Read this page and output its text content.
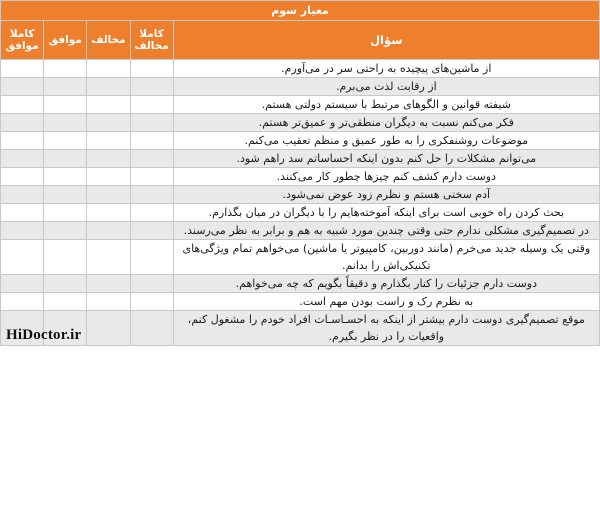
معیار سوم				
سؤال	کاملا مخالف	مخالف	موافق	کاملا موافق
از ماشین‌های پیچیده به راحتی سر در می‌آورم.				
از رقابت لذت می‌برم.				
شیفته قوانین و الگوهای مرتبط با سیستم دولتی هستم.				
فکر می‌کنم نسبت به دیگران منطقی‌تر و عمیق‌تر هستم.				
موضوعات روشنفکری را به طور عمیق و منظم تعقیب می‌کنم.				
می‌توانم مشکلات را حل کنم بدون اینکه احساساتم سد راهم شود.				
دوست دارم کشف کنم چیزها چطور کار می‌کنند.				
آدم سختی هستم و نظرم زود عوض نمی‌شود.				
بحث کردن راه خوبی است برای اینکه آموخته‌هایم را با دیگران در میان بگذارم.				
در تصمیم‌گیری مشکلی ندارم حتی وقتی چندین مورد شبیه به هم و برابر به نظر می‌رسند.				
وقتی یک وسیله جدید می‌خرم (مانند دوربین، کامپیوتر یا ماشین) می‌خواهم تمام ویژگی‌های تکنیکی‌اش را بدانم.				
دوست دارم جزئیات را کنار بگذارم و دقیقاً بگویم که چه می‌خواهم.				
به نظرم رک و راست بودن مهم است.				
موقع تصمیم‌گیری دوست دارم بیشتر از اینکه به احسـاسـات افراد خودم را مشغول کنم، واقعیات را در نظر بگیرم.				
HiDoctor.ir
